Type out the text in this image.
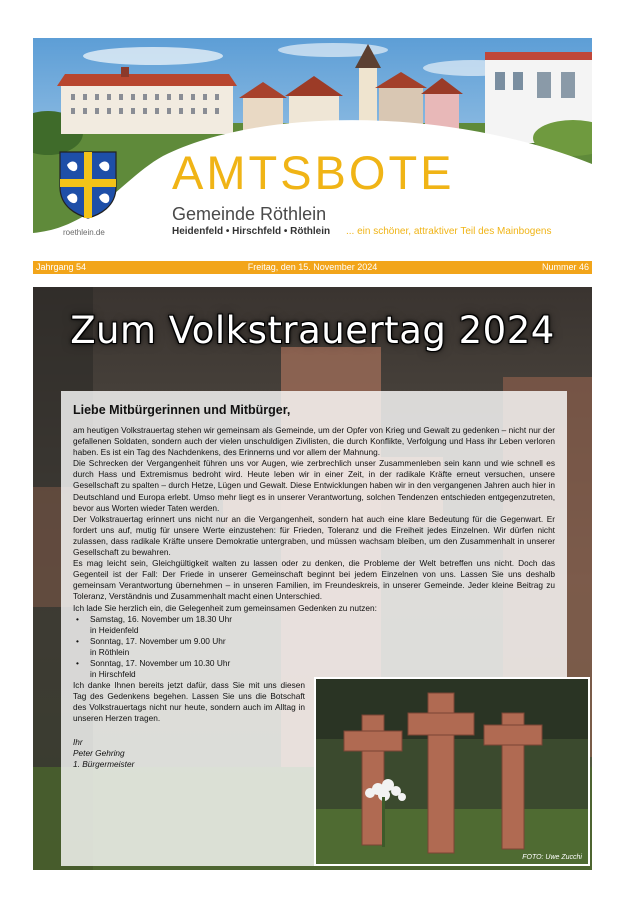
roethlein.de
AMTSBOTE
Gemeinde Röthlein
Heidenfeld • Hirschfeld • Röthlein ... ein schöner, attraktiver Teil des Mainbogens
Freitag, den 15. November 2024
Jahrgang 54	Nummer 46
Zum Volkstrauertag 2024
Liebe Mitbürgerinnen und Mitbürger,

am heutigen Volkstrauertag stehen wir gemeinsam als Gemeinde, um der Opfer von Krieg und Gewalt zu gedenken – nicht nur der gefallenen Soldaten, sondern auch der vielen unschuldigen Zivilisten, die durch Konflikte, Verfolgung und Hass ihr Leben verloren haben. Es ist ein Tag des Nachdenkens, des Erinnerns und vor allem der Mahnung.

Die Schrecken der Vergangenheit führen uns vor Augen, wie zerbrechlich unser Zusammenleben sein kann und wie schnell es durch Hass und Extremismus bedroht wird. Heute leben wir in einer Zeit, in der radikale Kräfte erneut versuchen, unsere Gesellschaft zu spalten – durch Hetze, Lügen und Gewalt. Diese Entwicklungen haben wir in den vergangenen Jahren auch hier in Deutschland und Europa erlebt. Umso mehr liegt es in unserer Verantwortung, solchen Tendenzen entschieden entgegenzutreten, bevor aus Worten wieder Taten werden.

Der Volkstrauertag erinnert uns nicht nur an die Vergangenheit, sondern hat auch eine klare Bedeutung für die Gegenwart. Er fordert uns auf, mutig für unsere Werte einzustehen: für Frieden, Toleranz und die Freiheit jedes Einzelnen. Wir dürfen nicht zulassen, dass radikale Kräfte unsere Demokratie untergraben, und müssen wachsam bleiben, um den Zusammenhalt in unserer Gesellschaft zu bewahren.

Es mag leicht sein, Gleichgültigkeit walten zu lassen oder zu denken, die Probleme der Welt betreffen uns nicht. Doch das Gegenteil ist der Fall: Der Friede in unserer Gemeinschaft beginnt bei jedem Einzelnen von uns. Lassen Sie uns deshalb gemeinsam Verantwortung übernehmen – in unseren Familien, im Freundeskreis, in unserer Gemeinde. Jeder kleine Beitrag zu Toleranz, Verständnis und Zusammenhalt macht einen Unterschied.

Ich lade Sie herzlich ein, die Gelegenheit zum gemeinsamen Gedenken zu nutzen:

• Samstag, 16. November um 18.30 Uhr
in Heidenfeld
• Sonntag, 17. November um 9.00 Uhr
in Röthlein
• Sonntag, 17. November um 10.30 Uhr
in Hirschfeld

Ich danke Ihnen bereits jetzt dafür, dass Sie mit uns diesen Tag des Gedenkens begehen. Lassen Sie uns die Botschaft des Volkstrauertags nicht nur heute, sondern auch im Alltag in unseren Herzen tragen.

Ihr
Peter Gehring
1. Bürgermeister
FOTO: Uwe Zucchi
